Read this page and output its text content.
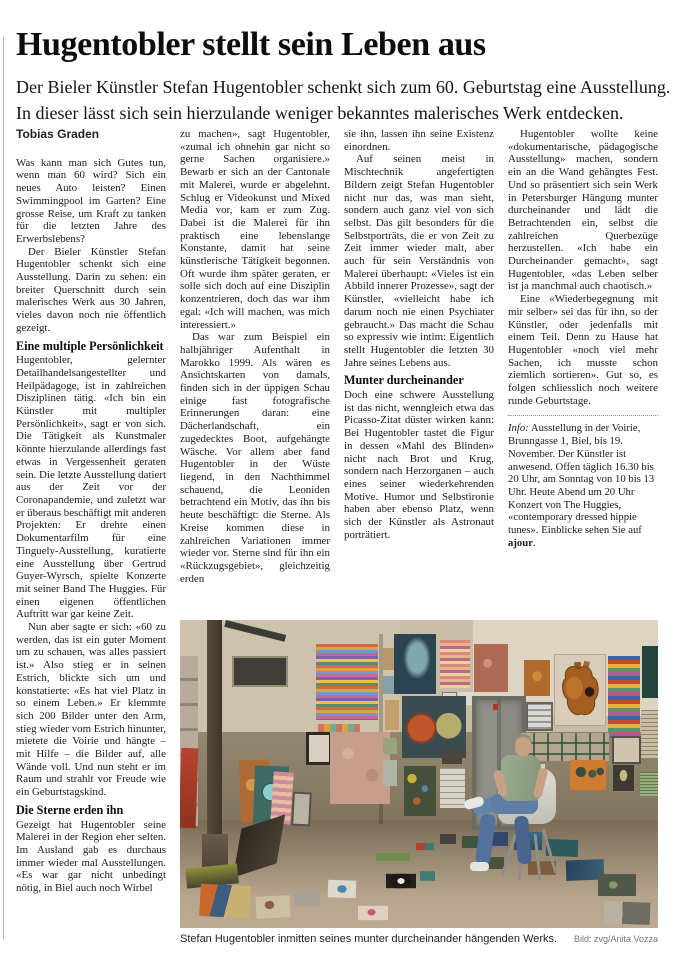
Hugentobler stellt sein Leben aus
Der Bieler Künstler Stefan Hugentobler schenkt sich zum 60. Geburtstag eine Ausstellung.
In dieser lässt sich sein hierzulande weniger bekanntes malerisches Werk entdecken.

Tobias Graden

Was kann man sich Gutes tun, wenn man 60 wird? Sich ein neues Auto leisten? Einen Swimmingpool im Garten? Eine grosse Reise, um Kraft zu tanken für die letzten Jahre des Erwerbslebens?

Der Bieler Künstler Stefan Hugentobler schenkt sich eine Ausstellung. Darin zu sehen: ein breiter Querschnitt durch sein malerisches Werk aus 30 Jahren, vieles davon noch nie öffentlich gezeigt.

Eine multiple Persönlichkeit

Hugentobler, gelernter Detailhandelsangestellter und Heilpädagoge, ist in zahlreichen Disziplinen tätig. «Ich bin ein Künstler mit multipler Persönlichkeit», sagt er von sich. Die Tätigkeit als Kunstmaler könnte hierzulande allerdings fast etwas in Vergessenheit geraten sein. Die letzte Ausstellung datiert aus der Zeit vor der Coronapandemie, und zuletzt war er überaus beschäftigt mit anderen Projekten: Er drehte einen Dokumentarfilm für eine Tinguely-Ausstellung, kuratierte eine Ausstellung über Gertrud Guyer-Wyrsch, spielte Konzerte mit seiner Band The Huggies. Für einen eigenen öffentlichen Auftritt war gar keine Zeit.

Nun aber sagte er sich: «60 zu werden, das ist ein guter Moment um zu schauen, was alles passiert ist.» Also stieg er in seinen Estrich, blickte sich um und konstatierte: «Es hat viel Platz in so einem Leben.» Er klemmte sich 200 Bilder unter den Arm, stieg wieder vom Estrich hinunter, mietete die Voirie und hängte – mit Hilfe – die Bilder auf, alle Wände voll. Und nun steht er im Raum und strahlt vor Freude wie ein Geburtstagskind.

Die Sterne erden ihn

Gezeigt hat Hugentobler seine Malerei in der Region eher selten. Im Ausland gab es durchaus immer wieder mal Ausstellungen. «Es war gar nicht unbedingt nötig, in Biel auch noch Wirbel

zu machen», sagt Hugentobler, «zumal ich ohnehin gar nicht so gerne Sachen organisiere.» Bewarb er sich an der Cantonale mit Malerei, wurde er abgelehnt. Schlug er Videokunst und Mixed Media vor, kam er zum Zug. Dabei ist die Malerei für ihn praktisch eine lebenslange Konstante, damit hat seine künstlerische Tätigkeit begonnen. Oft wurde ihm später geraten, er solle sich doch auf eine Disziplin konzentrieren, doch das war ihm egal: «Ich will machen, was mich interessiert.»

Das war zum Beispiel ein halbjähriger Aufenthalt in Marokko 1999. Als wären es Ansichtskarten von damals, finden sich in der üppigen Schau einige fast fotografische Erinnerungen daran: eine Dächerlandschaft, ein zugedecktes Boot, aufgehängte Wäsche. Vor allem aber fand Hugentobler in der Wüste liegend, in den Nachthimmel schauend, die Leoniden betrachtend ein Motiv, das ihn bis heute beschäftigt: die Sterne. Als Kreise kommen diese in zahlreichen Variationen immer wieder vor. Sterne sind für ihn ein «Rückzugsgebiet», gleichzeitig erden

sie ihn, lassen ihn seine Existenz einordnen.

Auf seinen meist in Mischtechnik angefertigten Bildern zeigt Stefan Hugentobler nicht nur das, was man sieht, sondern auch ganz viel von sich selbst. Das gilt besonders für die Selbstporträts, die er von Zeit zu Zeit immer wieder malt, aber auch für sein Verständnis von Malerei überhaupt: «Vieles ist ein Abbild innerer Prozesse», sagt der Künstler, «vielleicht habe ich darum noch nie einen Psychiater gebraucht.» Das macht die Schau so expressiv wie intim: Eigentlich stellt Hugentobler die letzten 30 Jahre seines Lebens aus.

Munter durcheinander

Doch eine schwere Ausstellung ist das nicht, wenngleich etwa das Picasso-Zitat düster wirken kann: Bei Hugentobler tastet die Figur in dessen «Mahl des Blinden» nicht nach Brot und Krug, sondern nach Herzorganen – auch eines seiner wiederkehrenden Motive. Humor und Selbstironie haben aber ebenso Platz, wenn sich der Künstler als Astronaut porträtiert.

Hugentobler wollte keine «dokumentarische, pädagogische Ausstellung» machen, sondern ein an die Wand gehängtes Fest. Und so präsentiert sich sein Werk in Petersburger Hängung munter durcheinander und lädt die Betrachtenden ein, selbst die zahlreichen Querbezüge herzustellen. «Ich habe ein Durcheinander gemacht», sagt Hugentobler, «das Leben selber ist ja manchmal auch chaotisch.»

Eine «Wiederbegegnung mit mir selber» sei das für ihn, so der Künstler, oder jedenfalls mit einem Teil. Denn zu Hause hat Hugentobler «noch viel mehr Sachen, ich musste schon ziemlich sortieren». Gut so, es folgen schliesslich noch weitere runde Geburtstage.

Info: Ausstellung in der Voirie, Brunngasse 1, Biel, bis 19. November. Der Künstler ist anwesend. Offen täglich 16.30 bis 20 Uhr, am Sonntag von 10 bis 13 Uhr. Heute Abend um 20 Uhr Konzert von The Huggies, «contemporary dressed hippie tunes». Einblicke sehen Sie auf ajour.

Stefan Hugentobler inmitten seines munter durcheinander hängenden Werks. Bild: zvg/Anita Vozza
